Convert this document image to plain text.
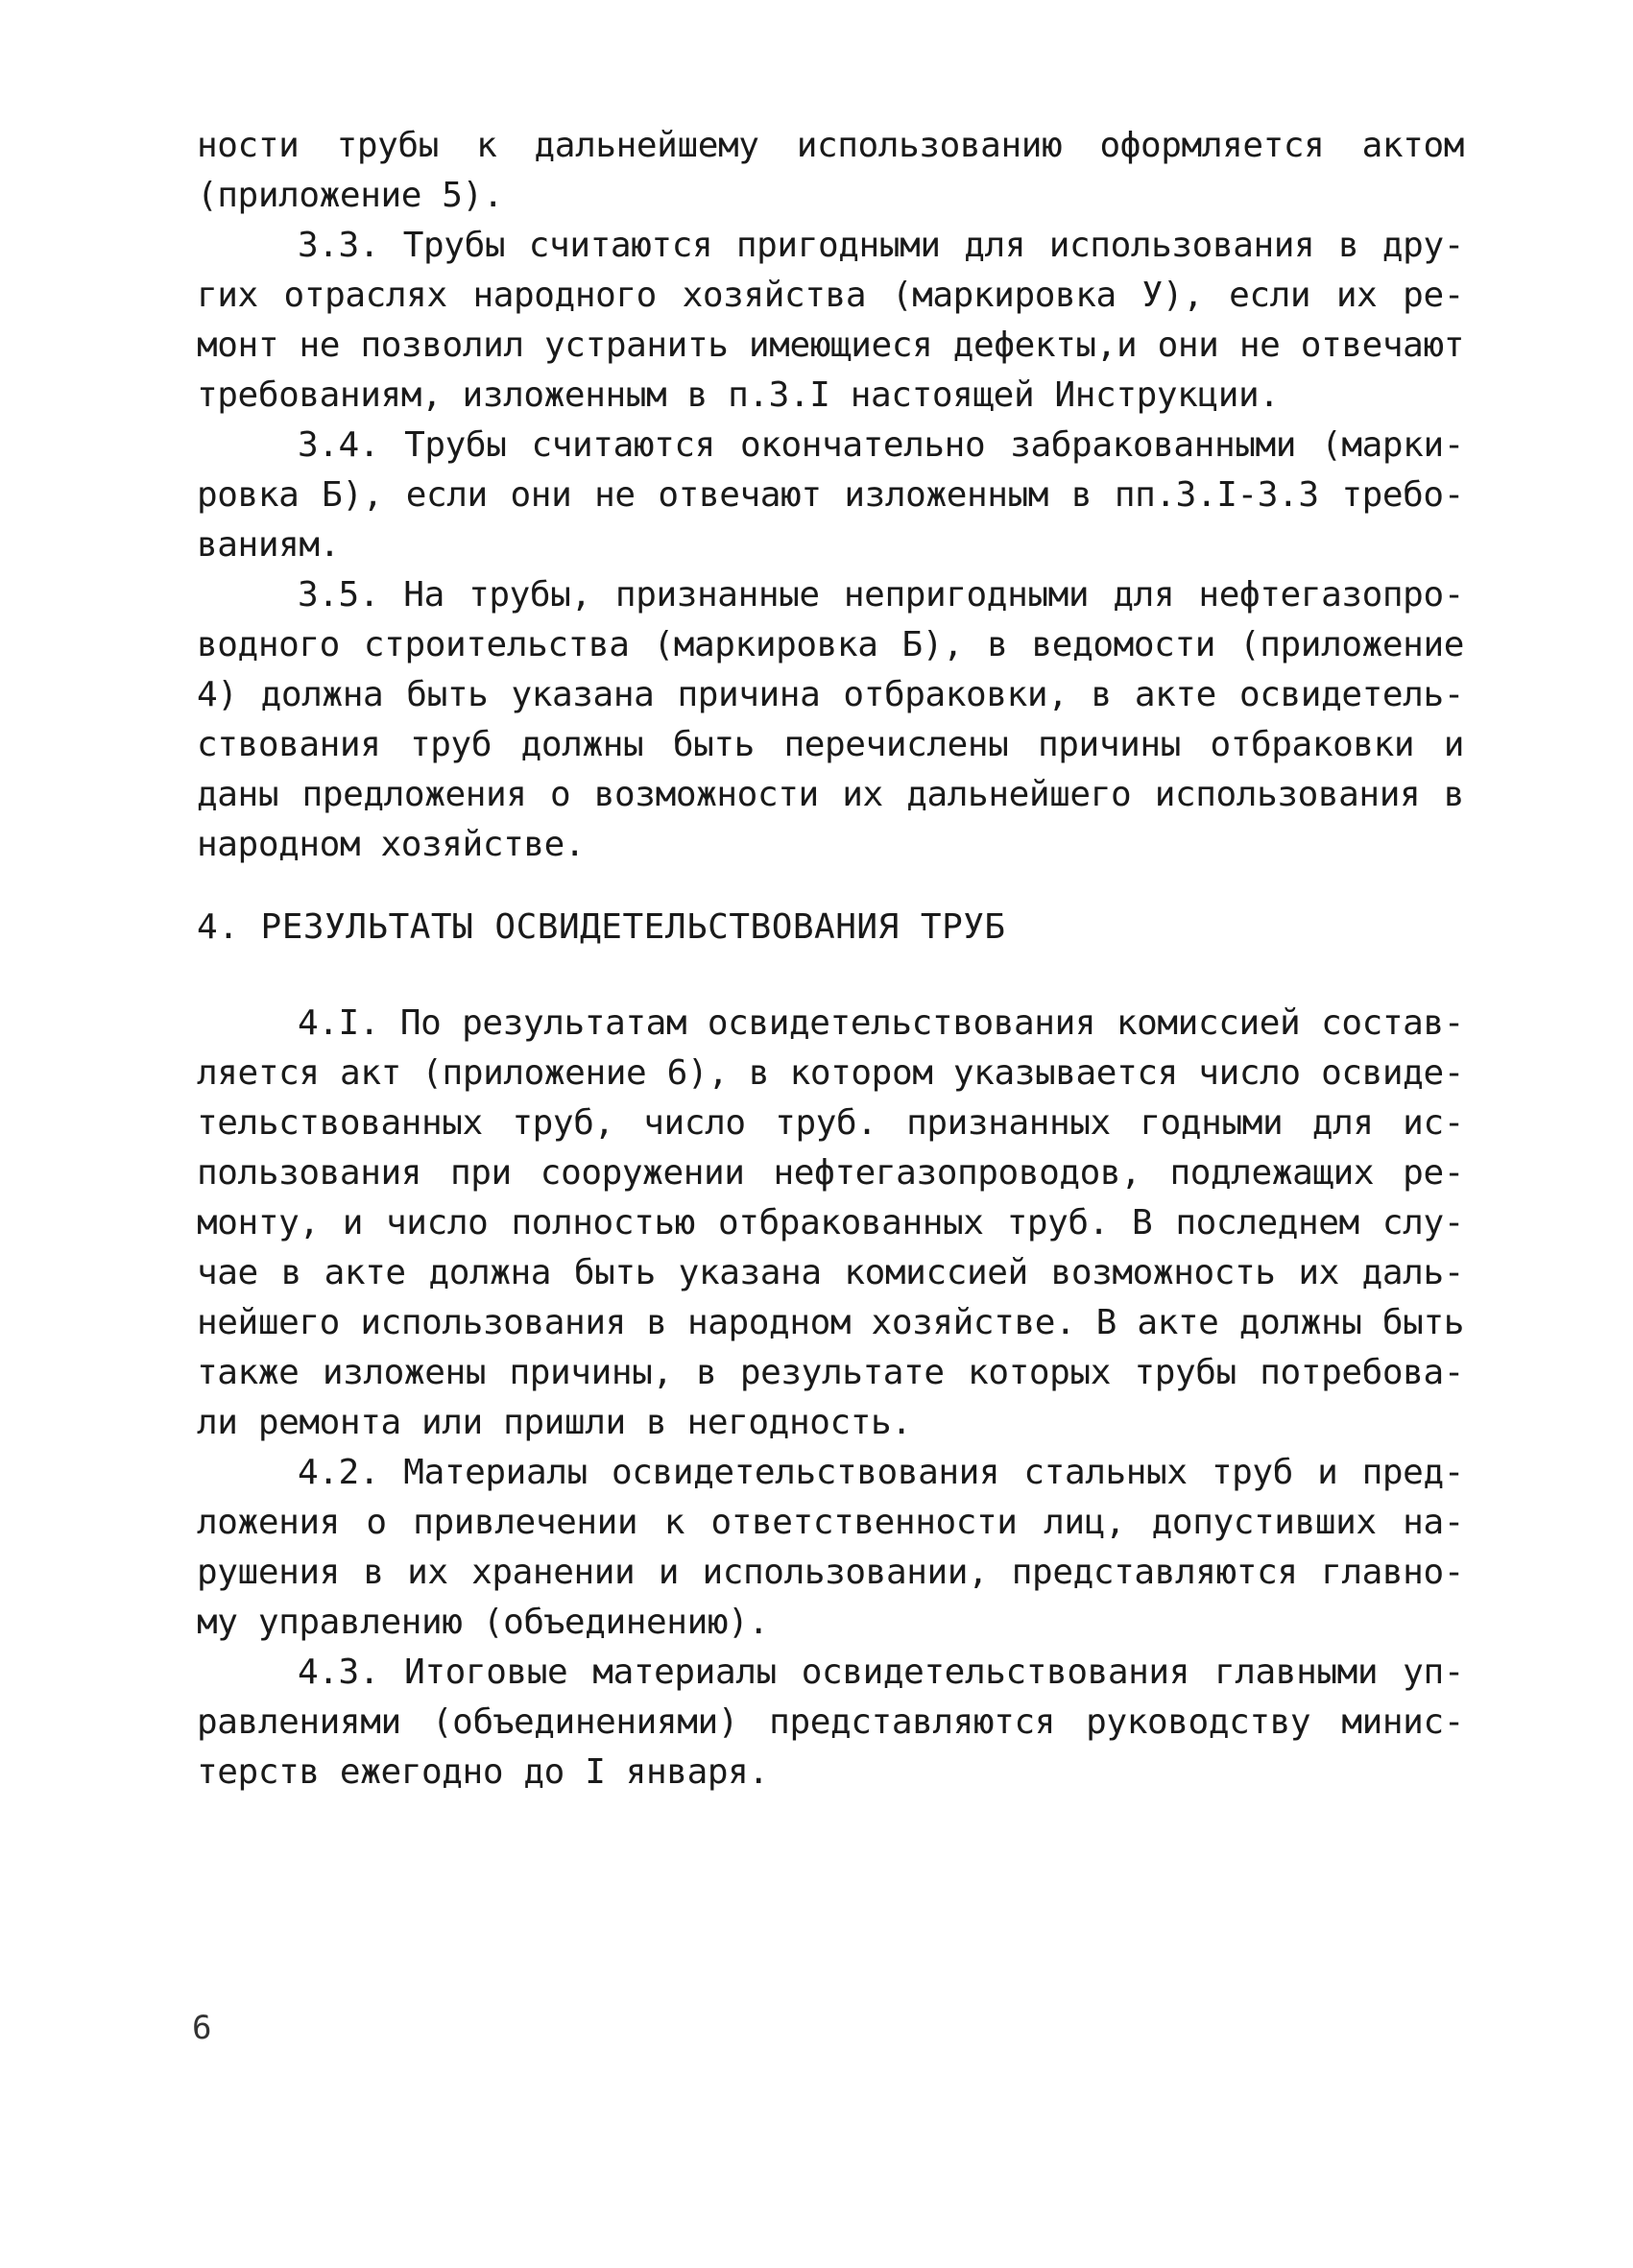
ности трубы к дальнейшему использованию оформляется актом
(приложение 5).
3.3. Трубы считаются пригодными для использования в дру-
гих отраслях народного хозяйства (маркировка У), если их ре-
монт не позволил устранить имеющиеся дефекты,и они не отвечают
требованиям, изложенным в п.3.I настоящей Инструкции.
3.4. Трубы считаются окончательно забракованными (марки-
ровка Б), если они не отвечают изложенным в пп.3.I-3.3 требо-
ваниям.
3.5. На трубы, признанные непригодными для нефтегазопро-
водного строительства (маркировка Б), в ведомости (приложение
4) должна быть указана причина отбраковки, в акте освидетель-
ствования труб должны быть перечислены причины отбраковки и
даны предложения о возможности их дальнейшего использования в
народном хозяйстве.
4. РЕЗУЛЬТАТЫ ОСВИДЕТЕЛЬСТВОВАНИЯ ТРУБ
4.I. По результатам освидетельствования комиссией состав-
ляется акт (приложение 6), в котором указывается число освиде-
тельствованных труб, число труб. признанных годными для ис-
пользования при сооружении нефтегазопроводов, подлежащих ре-
монту, и число полностью отбракованных труб. В последнем слу-
чае в акте должна быть указана комиссией возможность их даль-
нейшего использования в народном хозяйстве. В акте должны быть
также изложены причины, в результате которых трубы потребова-
ли ремонта или пришли в негодность.
4.2. Материалы освидетельствования стальных труб и пред-
ложения о привлечении к ответственности лиц, допустивших на-
рушения в их хранении и использовании, представляются главно-
му управлению (объединению).
4.3. Итоговые материалы освидетельствования главными уп-
равлениями (объединениями) представляются руководству минис-
терств ежегодно до I января.
6
